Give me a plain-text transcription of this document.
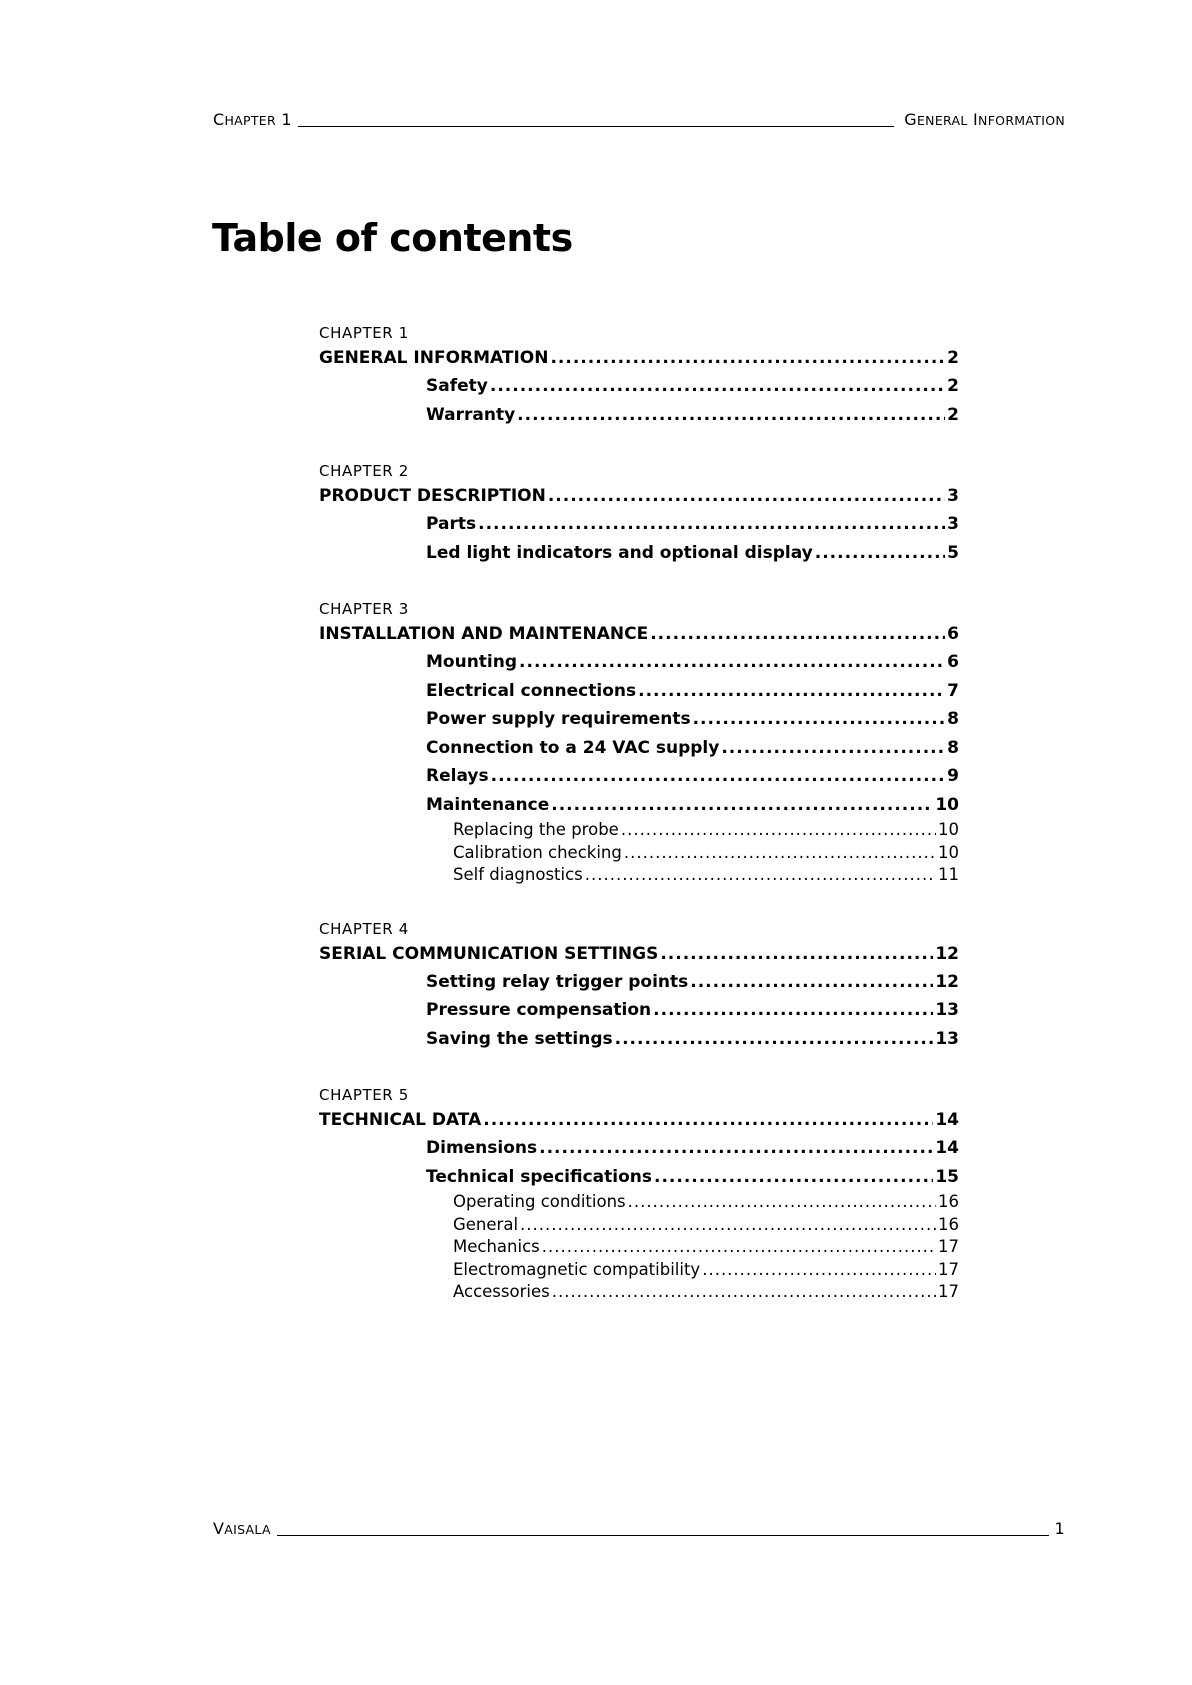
CHAPTER 1	GENERAL INFORMATION
Table of contents
CHAPTER 1
GENERAL INFORMATION .....	2
Safety .....	2
Warranty .....	2
CHAPTER 2
PRODUCT DESCRIPTION .....	3
Parts .....	3
Led light indicators and optional display .....	5
CHAPTER 3
INSTALLATION AND MAINTENANCE .....	6
Mounting .....	6
Electrical connections .....	7
Power supply requirements .....	8
Connection to a 24 VAC supply .....	8
Relays .....	9
Maintenance .....	10
Replacing the probe .....	10
Calibration checking .....	10
Self diagnostics .....	11
CHAPTER 4
SERIAL COMMUNICATION SETTINGS .....	12
Setting relay trigger points .....	12
Pressure compensation .....	13
Saving the settings .....	13
CHAPTER 5
TECHNICAL DATA .....	14
Dimensions .....	14
Technical specifications .....	15
Operating conditions .....	16
General .....	16
Mechanics .....	17
Electromagnetic compatibility .....	17
Accessories .....	17
VAISALA	1
